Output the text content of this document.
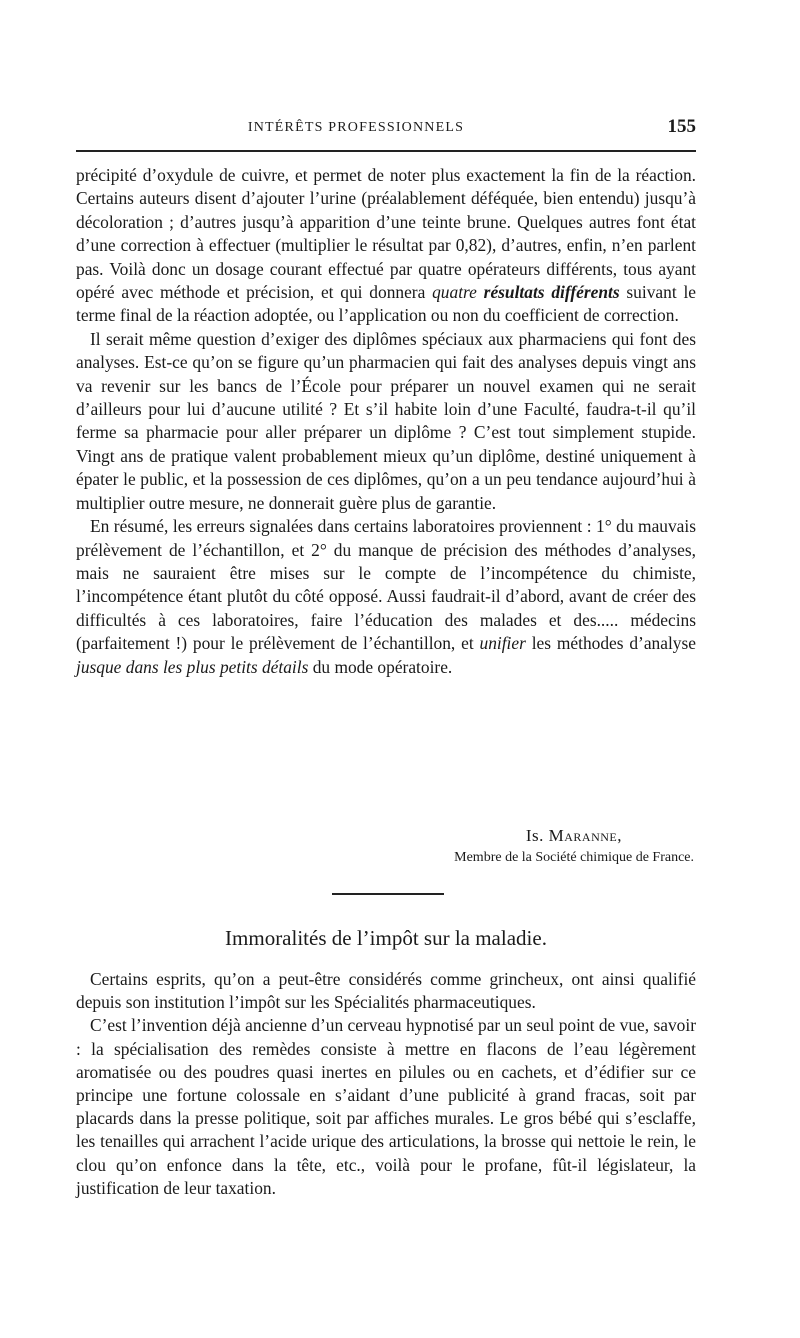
INTÉRÊTS PROFESSIONNELS	155

précipité d’oxydule de cuivre, et permet de noter plus exactement la fin de la réaction. Certains auteurs disent d’ajouter l’urine (préalablement déféquée, bien entendu) jusqu’à décoloration ; d’autres jusqu’à apparition d’une teinte brune. Quelques autres font état d’une correction à effectuer (multiplier le résultat par 0,82), d’autres, enfin, n’en parlent pas. Voilà donc un dosage courant effectué par quatre opérateurs différents, tous ayant opéré avec méthode et précision, et qui donnera quatre résultats différents suivant le terme final de la réaction adoptée, ou l’application ou non du coefficient de correction.

Il serait même question d’exiger des diplômes spéciaux aux pharmaciens qui font des analyses. Est-ce qu’on se figure qu’un pharmacien qui fait des analyses depuis vingt ans va revenir sur les bancs de l’École pour préparer un nouvel examen qui ne serait d’ailleurs pour lui d’aucune utilité ? Et s’il habite loin d’une Faculté, faudra-t-il qu’il ferme sa pharmacie pour aller préparer un diplôme ? C’est tout simplement stupide. Vingt ans de pratique valent probablement mieux qu’un diplôme, destiné uniquement à épater le public, et la possession de ces diplômes, qu’on a un peu tendance aujourd’hui à multiplier outre mesure, ne donnerait guère plus de garantie.

En résumé, les erreurs signalées dans certains laboratoires proviennent : 1° du mauvais prélèvement de l’échantillon, et 2° du manque de précision des méthodes d’analyses, mais ne sauraient être mises sur le compte de l’incompétence du chimiste, l’incompétence étant plutôt du côté opposé. Aussi faudrait-il d’abord, avant de créer des difficultés à ces laboratoires, faire l’éducation des malades et des..... médecins (parfaitement !) pour le prélèvement de l’échantillon, et unifier les méthodes d’analyse jusque dans les plus petits détails du mode opératoire.

Is. Maranne,
Membre de la Société chimique de France.
Immoralités de l’impôt sur la maladie.

Certains esprits, qu’on a peut-être considérés comme grincheux, ont ainsi qualifié depuis son institution l’impôt sur les Spécialités pharmaceutiques.

C’est l’invention déjà ancienne d’un cerveau hypnotisé par un seul point de vue, savoir : la spécialisation des remèdes consiste à mettre en flacons de l’eau légèrement aromatisée ou des poudres quasi inertes en pilules ou en cachets, et d’édifier sur ce principe une fortune colossale en s’aidant d’une publicité à grand fracas, soit par placards dans la presse politique, soit par affiches murales. Le gros bébé qui s’esclaffe, les tenailles qui arrachent l’acide urique des articulations, la brosse qui nettoie le rein, le clou qu’on enfonce dans la tête, etc., voilà pour le profane, fût-il législateur, la justification de leur taxation.
